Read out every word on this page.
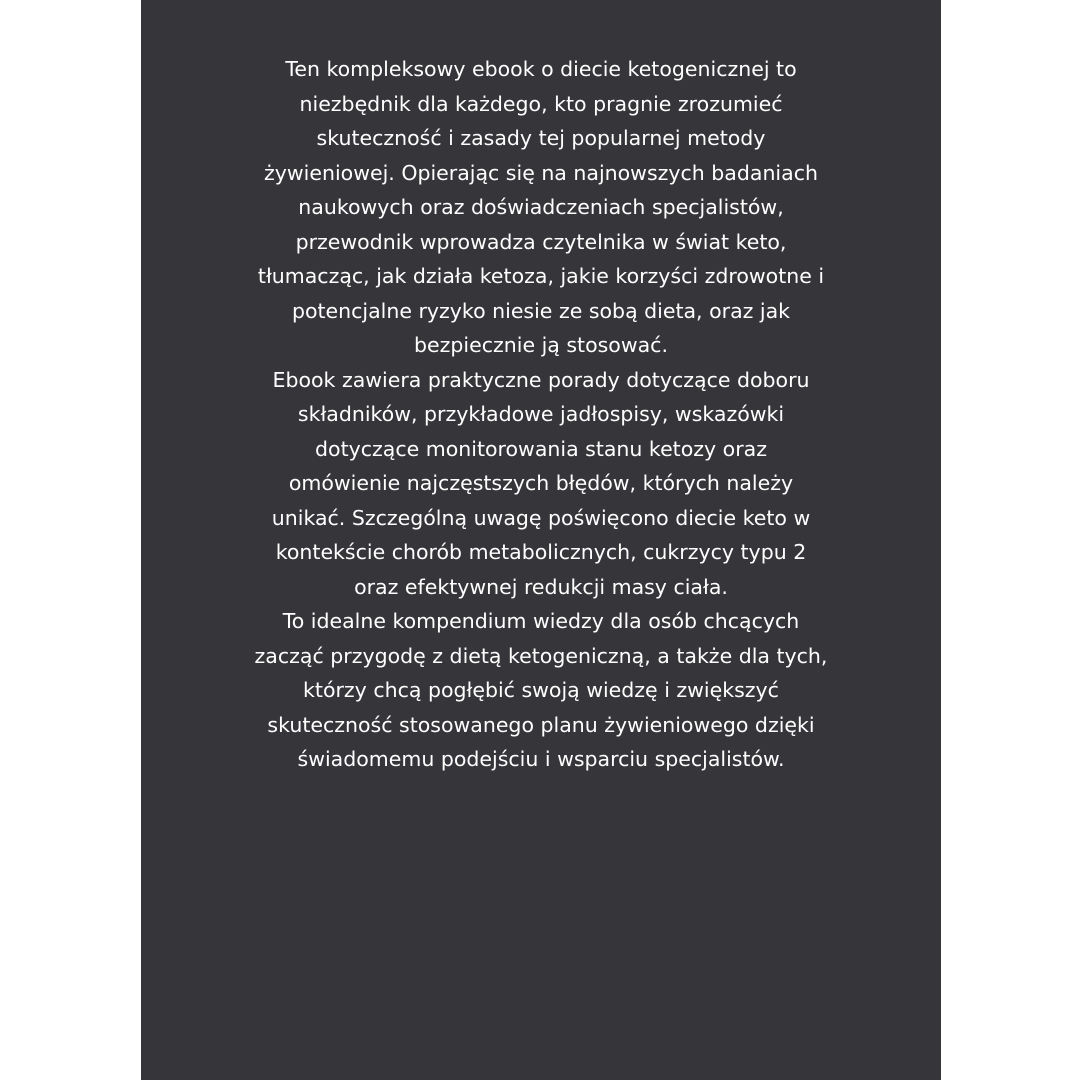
Ten kompleksowy ebook o diecie ketogenicznej to
niezbędnik dla każdego, kto pragnie zrozumieć
skuteczność i zasady tej popularnej metody
żywieniowej. Opierając się na najnowszych badaniach
naukowych oraz doświadczeniach specjalistów,
przewodnik wprowadza czytelnika w świat keto,
tłumacząc, jak działa ketoza, jakie korzyści zdrowotne i
potencjalne ryzyko niesie ze sobą dieta, oraz jak
bezpiecznie ją stosować.
Ebook zawiera praktyczne porady dotyczące doboru
składników, przykładowe jadłospisy, wskazówki
dotyczące monitorowania stanu ketozy oraz
omówienie najczęstszych błędów, których należy
unikać. Szczególną uwagę poświęcono diecie keto w
kontekście chorób metabolicznych, cukrzycy typu 2
oraz efektywnej redukcji masy ciała.
To idealne kompendium wiedzy dla osób chcących
zacząć przygodę z dietą ketogeniczną, a także dla tych,
którzy chcą pogłębić swoją wiedzę i zwiększyć
skuteczność stosowanego planu żywieniowego dzięki
świadomemu podejściu i wsparciu specjalistów.
